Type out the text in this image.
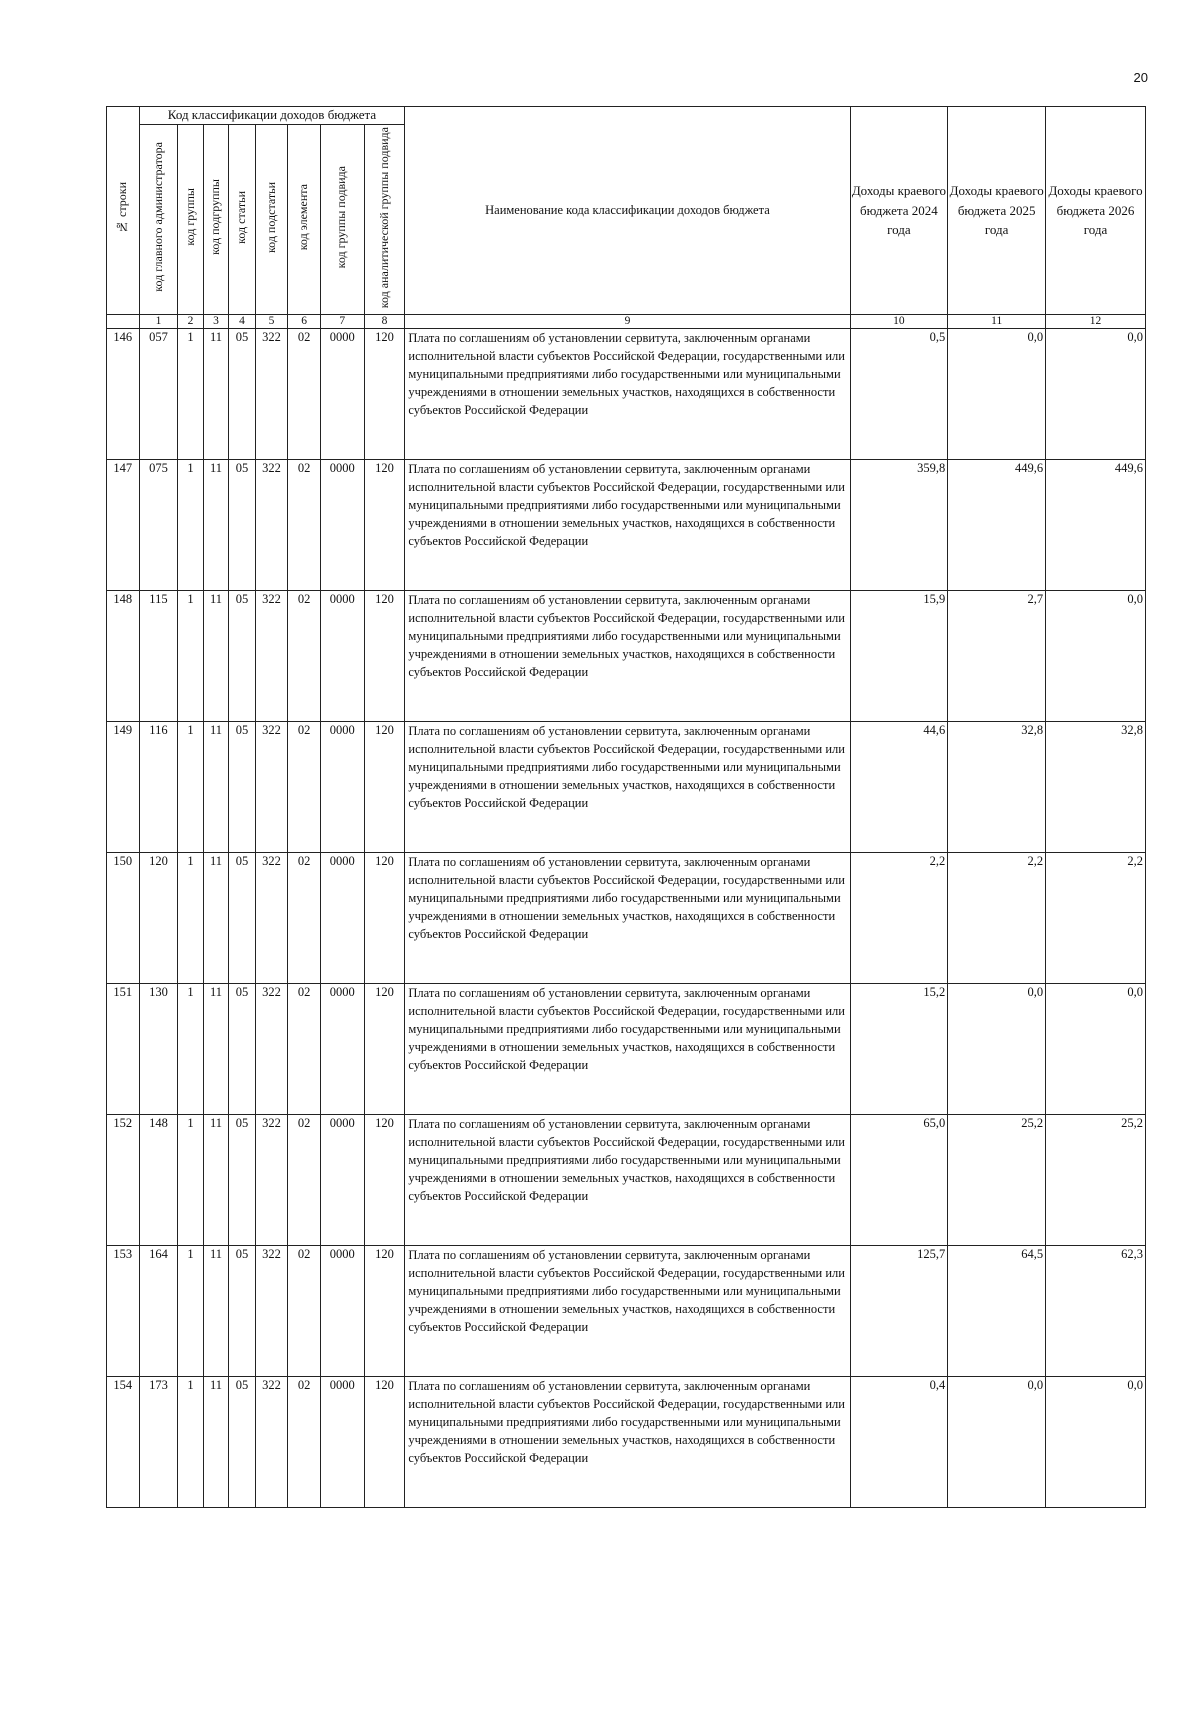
20
№ строки	Код классификации доходов бюджета								Наименование кода классификации доходов бюджета	Доходы краевого бюджета 2024 года	Доходы краевого бюджета 2025 года	Доходы краевого бюджета 2026 года
	код главного администратора	код группы	код подгруппы	код статьи	код подстатьи	код элемента	код группы подвида	код аналитической группы подвида				
	1	2	3	4	5	6	7	8	9	10	11	12
146	057	1	11	05	322	02	0000	120	Плата по соглашениям об установлении сервитута, заключенным органами исполнительной власти субъектов Российской Федерации, государственными или муниципальными предприятиями либо государственными или муниципальными учреждениями в отношении земельных участков, находящихся в собственности субъектов Российской Федерации	0,5	0,0	0,0
147	075	1	11	05	322	02	0000	120	Плата по соглашениям об установлении сервитута, заключенным органами исполнительной власти субъектов Российской Федерации, государственными или муниципальными предприятиями либо государственными или муниципальными учреждениями в отношении земельных участков, находящихся в собственности субъектов Российской Федерации	359,8	449,6	449,6
148	115	1	11	05	322	02	0000	120	Плата по соглашениям об установлении сервитута, заключенным органами исполнительной власти субъектов Российской Федерации, государственными или муниципальными предприятиями либо государственными или муниципальными учреждениями в отношении земельных участков, находящихся в собственности субъектов Российской Федерации	15,9	2,7	0,0
149	116	1	11	05	322	02	0000	120	Плата по соглашениям об установлении сервитута, заключенным органами исполнительной власти субъектов Российской Федерации, государственными или муниципальными предприятиями либо государственными или муниципальными учреждениями в отношении земельных участков, находящихся в собственности субъектов Российской Федерации	44,6	32,8	32,8
150	120	1	11	05	322	02	0000	120	Плата по соглашениям об установлении сервитута, заключенным органами исполнительной власти субъектов Российской Федерации, государственными или муниципальными предприятиями либо государственными или муниципальными учреждениями в отношении земельных участков, находящихся в собственности субъектов Российской Федерации	2,2	2,2	2,2
151	130	1	11	05	322	02	0000	120	Плата по соглашениям об установлении сервитута, заключенным органами исполнительной власти субъектов Российской Федерации, государственными или муниципальными предприятиями либо государственными или муниципальными учреждениями в отношении земельных участков, находящихся в собственности субъектов Российской Федерации	15,2	0,0	0,0
152	148	1	11	05	322	02	0000	120	Плата по соглашениям об установлении сервитута, заключенным органами исполнительной власти субъектов Российской Федерации, государственными или муниципальными предприятиями либо государственными или муниципальными учреждениями в отношении земельных участков, находящихся в собственности субъектов Российской Федерации	65,0	25,2	25,2
153	164	1	11	05	322	02	0000	120	Плата по соглашениям об установлении сервитута, заключенным органами исполнительной власти субъектов Российской Федерации, государственными или муниципальными предприятиями либо государственными или муниципальными учреждениями в отношении земельных участков, находящихся в собственности субъектов Российской Федерации	125,7	64,5	62,3
154	173	1	11	05	322	02	0000	120	Плата по соглашениям об установлении сервитута, заключенным органами исполнительной власти субъектов Российской Федерации, государственными или муниципальными предприятиями либо государственными или муниципальными учреждениями в отношении земельных участков, находящихся в собственности субъектов Российской Федерации	0,4	0,0	0,0
